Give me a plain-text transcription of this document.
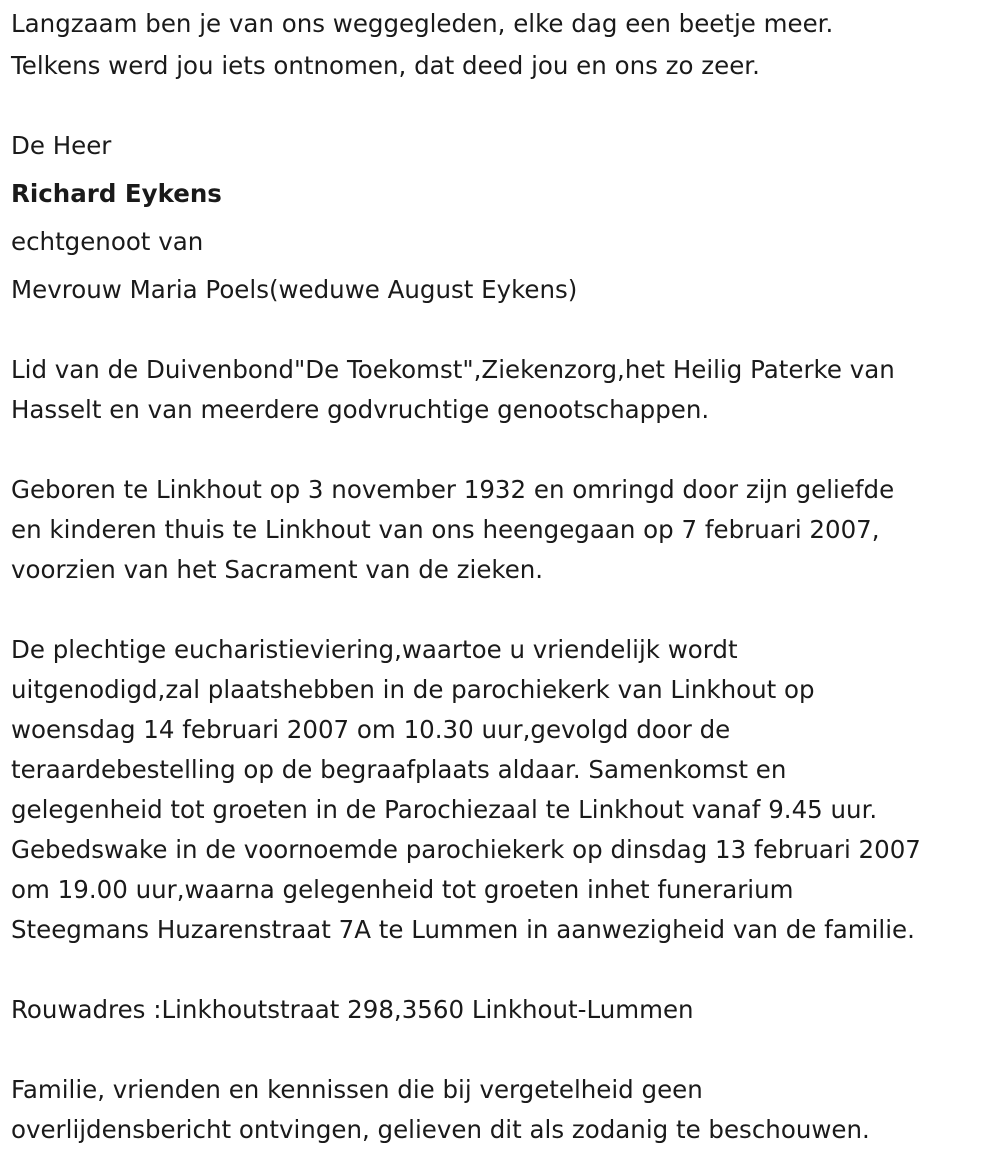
Langzaam ben je van ons weggegleden, elke dag een beetje meer.
Telkens werd jou iets ontnomen, dat deed jou en ons zo zeer.
De Heer
Richard Eykens
echtgenoot van
Mevrouw Maria Poels(weduwe August Eykens)
Lid van de Duivenbond"De Toekomst",Ziekenzorg,het Heilig Paterke van
Hasselt en van meerdere godvruchtige genootschappen.
Geboren te Linkhout op 3 november 1932 en omringd door zijn geliefde
en kinderen thuis te Linkhout van ons heengegaan op 7 februari 2007,
voorzien van het Sacrament van de zieken.
De plechtige eucharistieviering,waartoe u vriendelijk wordt
uitgenodigd,zal plaatshebben in de parochiekerk van Linkhout op
woensdag 14 februari 2007 om 10.30 uur,gevolgd door de
teraardebestelling op de begraafplaats aldaar. Samenkomst en
gelegenheid tot groeten in de Parochiezaal te Linkhout vanaf 9.45 uur.
Gebedswake in de voornoemde parochiekerk op dinsdag 13 februari 2007
om 19.00 uur,waarna gelegenheid tot groeten inhet funerarium
Steegmans Huzarenstraat 7A te Lummen in aanwezigheid van de familie.
Rouwadres :Linkhoutstraat 298,3560 Linkhout-Lummen
Familie, vrienden en kennissen die bij vergetelheid geen
overlijdensbericht ontvingen, gelieven dit als zodanig te beschouwen.
